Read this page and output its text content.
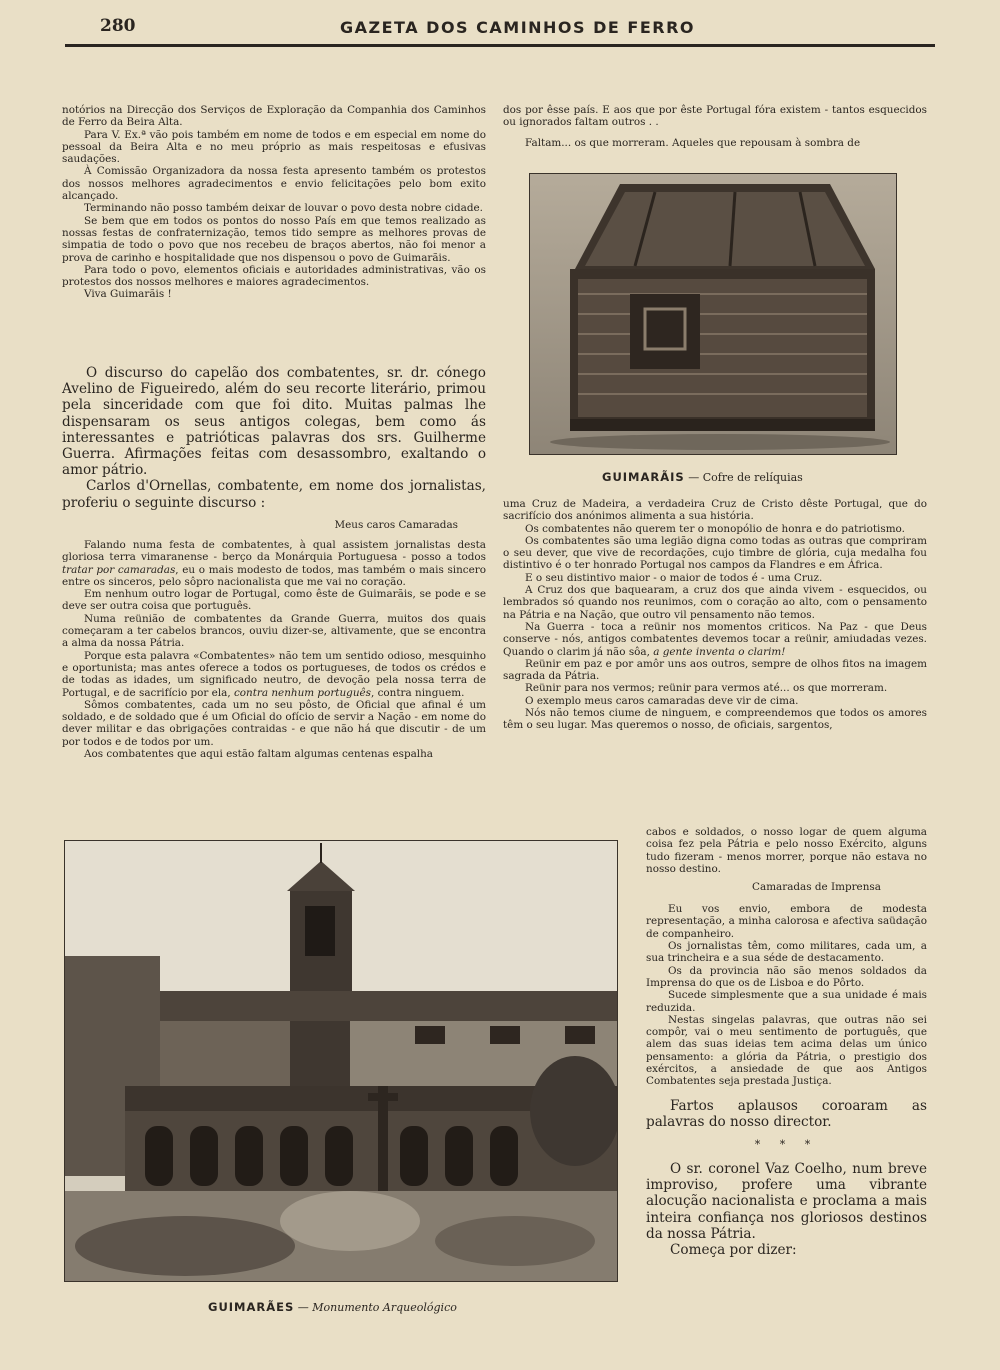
280	GAZETA DOS CAMINHOS DE FERRO

notórios na Direcção dos Serviços de Exploração da Companhia dos Caminhos de Ferro da Beira Alta.

Para V. Ex.ª vão pois também em nome de todos e em especial em nome do pessoal da Beira Alta e no meu próprio as mais respeitosas e efusivas saudações.

À Comissão Organizadora da nossa festa apresento também os protestos dos nossos melhores agradecimentos e envio felicitações pelo bom exito alcançado.

Terminando não posso também deixar de louvar o povo desta nobre cidade.

Se bem que em todos os pontos do nosso País em que temos realizado as nossas festas de confraternização, temos tido sempre as melhores provas de simpatia de todo o povo que nos recebeu de braços abertos, não foi menor a prova de carinho e hospitalidade que nos dispensou o povo de Guimarãis.

Para todo o povo, elementos oficiais e autoridades administrativas, vão os protestos dos nossos melhores e maiores agradecimentos.

Viva Guimarãis !

O discurso do capelão dos combatentes, sr. dr. cónego Avelino de Figueiredo, além do seu recorte literário, primou pela sinceridade com que foi dito. Muitas palmas lhe dispensaram os seus antigos colegas, bem como ás interessantes e patrióticas palavras dos srs. Guilherme Guerra. Afirmações feitas com desassombro, exaltando o amor pátrio.

Carlos d'Ornellas, combatente, em nome dos jornalistas, proferiu o seguinte discurso :

Meus caros Camaradas

Falando numa festa de combatentes, à qual assistem jornalistas desta gloriosa terra vimaranense - berço da Monárquia Portuguesa - posso a todos tratar por camaradas, eu o mais modesto de todos, mas também o mais sincero entre os sinceros, pelo sôpro nacionalista que me vai no coração.

Em nenhum outro logar de Portugal, como êste de Guimarãis, se pode e se deve ser outra coisa que português.

Numa reünião de combatentes da Grande Guerra, muitos dos quais começaram a ter cabelos brancos, ouviu dizer-se, altivamente, que se encontra a alma da nossa Pátria.

Porque esta palavra «Combatentes» não tem um sentido odioso, mesquinho e oportunista; mas antes oferece a todos os portugueses, de todos os crédos e de todas as idades, um significado neutro, de devoção pela nossa terra de Portugal, e de sacrifício por ela, contra nenhum português, contra ninguem.

Sômos combatentes, cada um no seu pôsto, de Oficial que afinal é um soldado, e de soldado que é um Oficial do ofício de servir a Nação - em nome do dever militar e das obrigações contraidas - e que não há que discutir - de um por todos e de todos por um.

Aos combatentes que aqui estão faltam algumas centenas espalha

dos por êsse país. E aos que por êste Portugal fóra existem - tantos esquecidos ou ignorados faltam outros . .

Faltam... os que morreram. Aqueles que repousam à sombra de

GUIMARÃIS — Cofre de relíquias

uma Cruz de Madeira, a verdadeira Cruz de Cristo dêste Portugal, que do sacrifício dos anónimos alimenta a sua história.

Os combatentes não querem ter o monopólio de honra e do patriotismo.

Os combatentes são uma legião digna como todas as outras que compriram o seu dever, que vive de recordações, cujo timbre de glória, cuja medalha fou distintivo é o ter honrado Portugal nos campos da Flandres e em África.

E o seu distintivo maior - o maior de todos é - uma Cruz.

A Cruz dos que baquearam, a cruz dos que ainda vivem - esquecidos, ou lembrados só quando nos reunimos, com o coração ao alto, com o pensamento na Pátria e na Nação, que outro vil pensamento não temos.

Na Guerra - toca a reünir nos momentos criticos. Na Paz - que Deus conserve - nós, antigos combatentes devemos tocar a reünir, amiudadas vezes. Quando o clarim já não sôa, a gente inventa o clarim!

Reünir em paz e por amôr uns aos outros, sempre de olhos fitos na imagem sagrada da Pátria.

Reünir para nos vermos; reünir para vermos até... os que morreram.

O exemplo meus caros camaradas deve vir de cima.

Nós não temos ciume de ninguem, e compreendemos que todos os amores têm o seu lugar. Mas queremos o nosso, de oficiais, sargentos,

cabos e soldados, o nosso logar de quem alguma coisa fez pela Pátria e pelo nosso Exército, alguns tudo fizeram - menos morrer, porque não estava no nosso destino.

Camaradas de Imprensa

Eu vos envio, embora de modesta representação, a minha calorosa e afectiva saüdação de companheiro.

Os jornalistas têm, como militares, cada um, a sua trincheira e a sua séde de destacamento.

Os da provincia não são menos soldados da Imprensa do que os de Lisboa e do Pôrto.

Sucede simplesmente que a sua unidade é mais reduzida.

Nestas singelas palavras, que outras não sei compôr, vai o meu sentimento de português, que alem das suas ideias tem acima delas um único pensamento: a glória da Pátria, o prestigio dos exércitos, a ansiedade de que aos Antigos Combatentes seja prestada Justiça.

Fartos aplausos coroaram as palavras do nosso director.

* * *

O sr. coronel Vaz Coelho, num breve improviso, profere uma vibrante alocução nacionalista e proclama a mais inteira confiança nos gloriosos destinos da nossa Pátria.

Começa por dizer:

GUIMARÃES — Monumento Arqueológico
